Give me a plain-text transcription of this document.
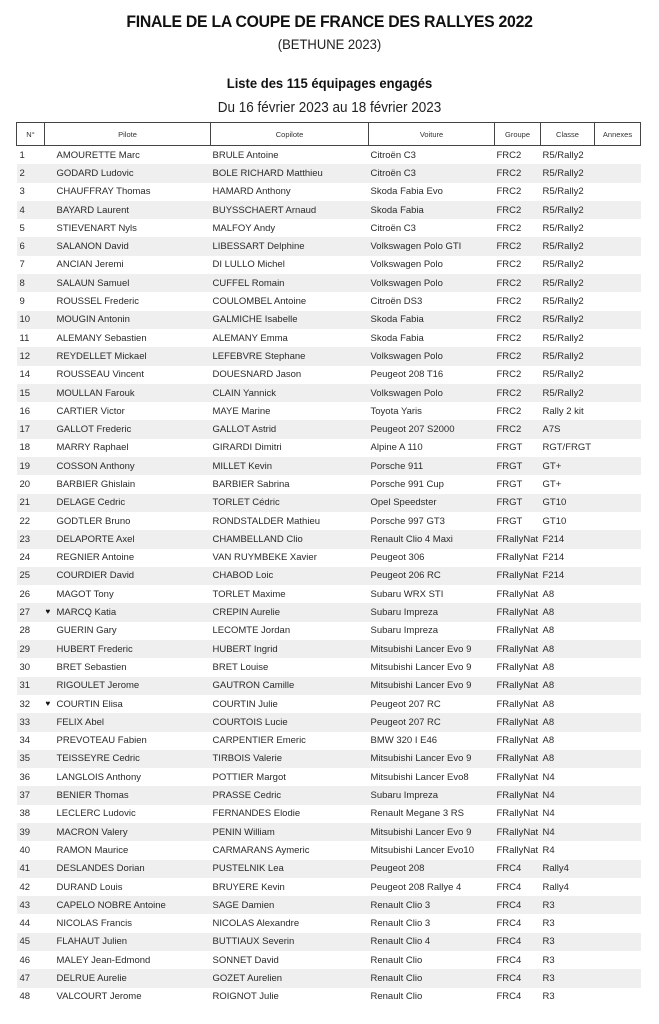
FINALE DE LA COUPE DE FRANCE DES RALLYES 2022
(BETHUNE 2023)
Liste des 115 équipages engagés
Du 16 février 2023 au 18 février 2023
N°	Pilote	Copilote	Voiture	Groupe	Classe	Annexes
1	AMOURETTE Marc	BRULE Antoine	Citroën C3	FRC2	R5/Rally2	
2	GODARD Ludovic	BOLE RICHARD Matthieu	Citroën C3	FRC2	R5/Rally2	
3	CHAUFFRAY Thomas	HAMARD Anthony	Skoda Fabia Evo	FRC2	R5/Rally2	
4	BAYARD Laurent	BUYSSCHAERT Arnaud	Skoda Fabia	FRC2	R5/Rally2	
5	STIEVENART Nyls	MALFOY Andy	Citroën C3	FRC2	R5/Rally2	
6	SALANON David	LIBESSART Delphine	Volkswagen Polo GTI	FRC2	R5/Rally2	
7	ANCIAN Jeremi	DI LULLO Michel	Volkswagen Polo	FRC2	R5/Rally2	
8	SALAUN Samuel	CUFFEL Romain	Volkswagen Polo	FRC2	R5/Rally2	
9	ROUSSEL Frederic	COULOMBEL Antoine	Citroën DS3	FRC2	R5/Rally2	
10	MOUGIN Antonin	GALMICHE Isabelle	Skoda Fabia	FRC2	R5/Rally2	
11	ALEMANY Sebastien	ALEMANY Emma	Skoda Fabia	FRC2	R5/Rally2	
12	REYDELLET Mickael	LEFEBVRE Stephane	Volkswagen Polo	FRC2	R5/Rally2	
14	ROUSSEAU Vincent	DOUESNARD Jason	Peugeot 208 T16	FRC2	R5/Rally2	
15	MOULLAN Farouk	CLAIN Yannick	Volkswagen Polo	FRC2	R5/Rally2	
16	CARTIER Victor	MAYE Marine	Toyota Yaris	FRC2	Rally 2 kit	
17	GALLOT Frederic	GALLOT Astrid	Peugeot 207 S2000	FRC2	A7S	
18	MARRY Raphael	GIRARDI Dimitri	Alpine A 110	FRGT	RGT/FRGT	
19	COSSON Anthony	MILLET Kevin	Porsche 911	FRGT	GT+	
20	BARBIER Ghislain	BARBIER Sabrina	Porsche 991 Cup	FRGT	GT+	
21	DELAGE Cedric	TORLET Cédric	Opel Speedster	FRGT	GT10	
22	GODTLER Bruno	RONDSTALDER Mathieu	Porsche 997 GT3	FRGT	GT10	
23	DELAPORTE Axel	CHAMBELLAND Clio	Renault Clio 4 Maxi	FRallyNat	F214	
24	REGNIER Antoine	VAN RUYMBEKE Xavier	Peugeot 306	FRallyNat	F214	
25	COURDIER David	CHABOD Loic	Peugeot 206 RC	FRallyNat	F214	
26	MAGOT Tony	TORLET Maxime	Subaru WRX STI	FRallyNat	A8	
27	♥ MARCQ Katia	CREPIN Aurelie	Subaru Impreza	FRallyNat	A8	
28	GUERIN Gary	LECOMTE Jordan	Subaru Impreza	FRallyNat	A8	
29	HUBERT Frederic	HUBERT Ingrid	Mitsubishi Lancer Evo 9	FRallyNat	A8	
30	BRET Sebastien	BRET Louise	Mitsubishi Lancer Evo 9	FRallyNat	A8	
31	RIGOULET Jerome	GAUTRON Camille	Mitsubishi Lancer Evo 9	FRallyNat	A8	
32	♥ COURTIN Elisa	COURTIN Julie	Peugeot 207 RC	FRallyNat	A8	
33	FELIX Abel	COURTOIS Lucie	Peugeot 207 RC	FRallyNat	A8	
34	PREVOTEAU Fabien	CARPENTIER Emeric	BMW 320 I E46	FRallyNat	A8	
35	TEISSEYRE Cedric	TIRBOIS Valerie	Mitsubishi Lancer Evo 9	FRallyNat	A8	
36	LANGLOIS Anthony	POTTIER Margot	Mitsubishi Lancer Evo8	FRallyNat	N4	
37	BENIER Thomas	PRASSE Cedric	Subaru Impreza	FRallyNat	N4	
38	LECLERC Ludovic	FERNANDES Elodie	Renault Megane 3 RS	FRallyNat	N4	
39	MACRON Valery	PENIN William	Mitsubishi Lancer Evo 9	FRallyNat	N4	
40	RAMON Maurice	CARMARANS Aymeric	Mitsubishi Lancer Evo10	FRallyNat	R4	
41	DESLANDES Dorian	PUSTELNIK Lea	Peugeot 208	FRC4	Rally4	
42	DURAND Louis	BRUYERE Kevin	Peugeot 208 Rallye 4	FRC4	Rally4	
43	CAPELO NOBRE Antoine	SAGE Damien	Renault Clio 3	FRC4	R3	
44	NICOLAS Francis	NICOLAS Alexandre	Renault Clio 3	FRC4	R3	
45	FLAHAUT Julien	BUTTIAUX Severin	Renault Clio 4	FRC4	R3	
46	MALEY Jean-Edmond	SONNET David	Renault Clio	FRC4	R3	
47	DELRUE Aurelie	GOZET Aurelien	Renault Clio	FRC4	R3	
48	VALCOURT Jerome	ROIGNOT Julie	Renault Clio	FRC4	R3	
